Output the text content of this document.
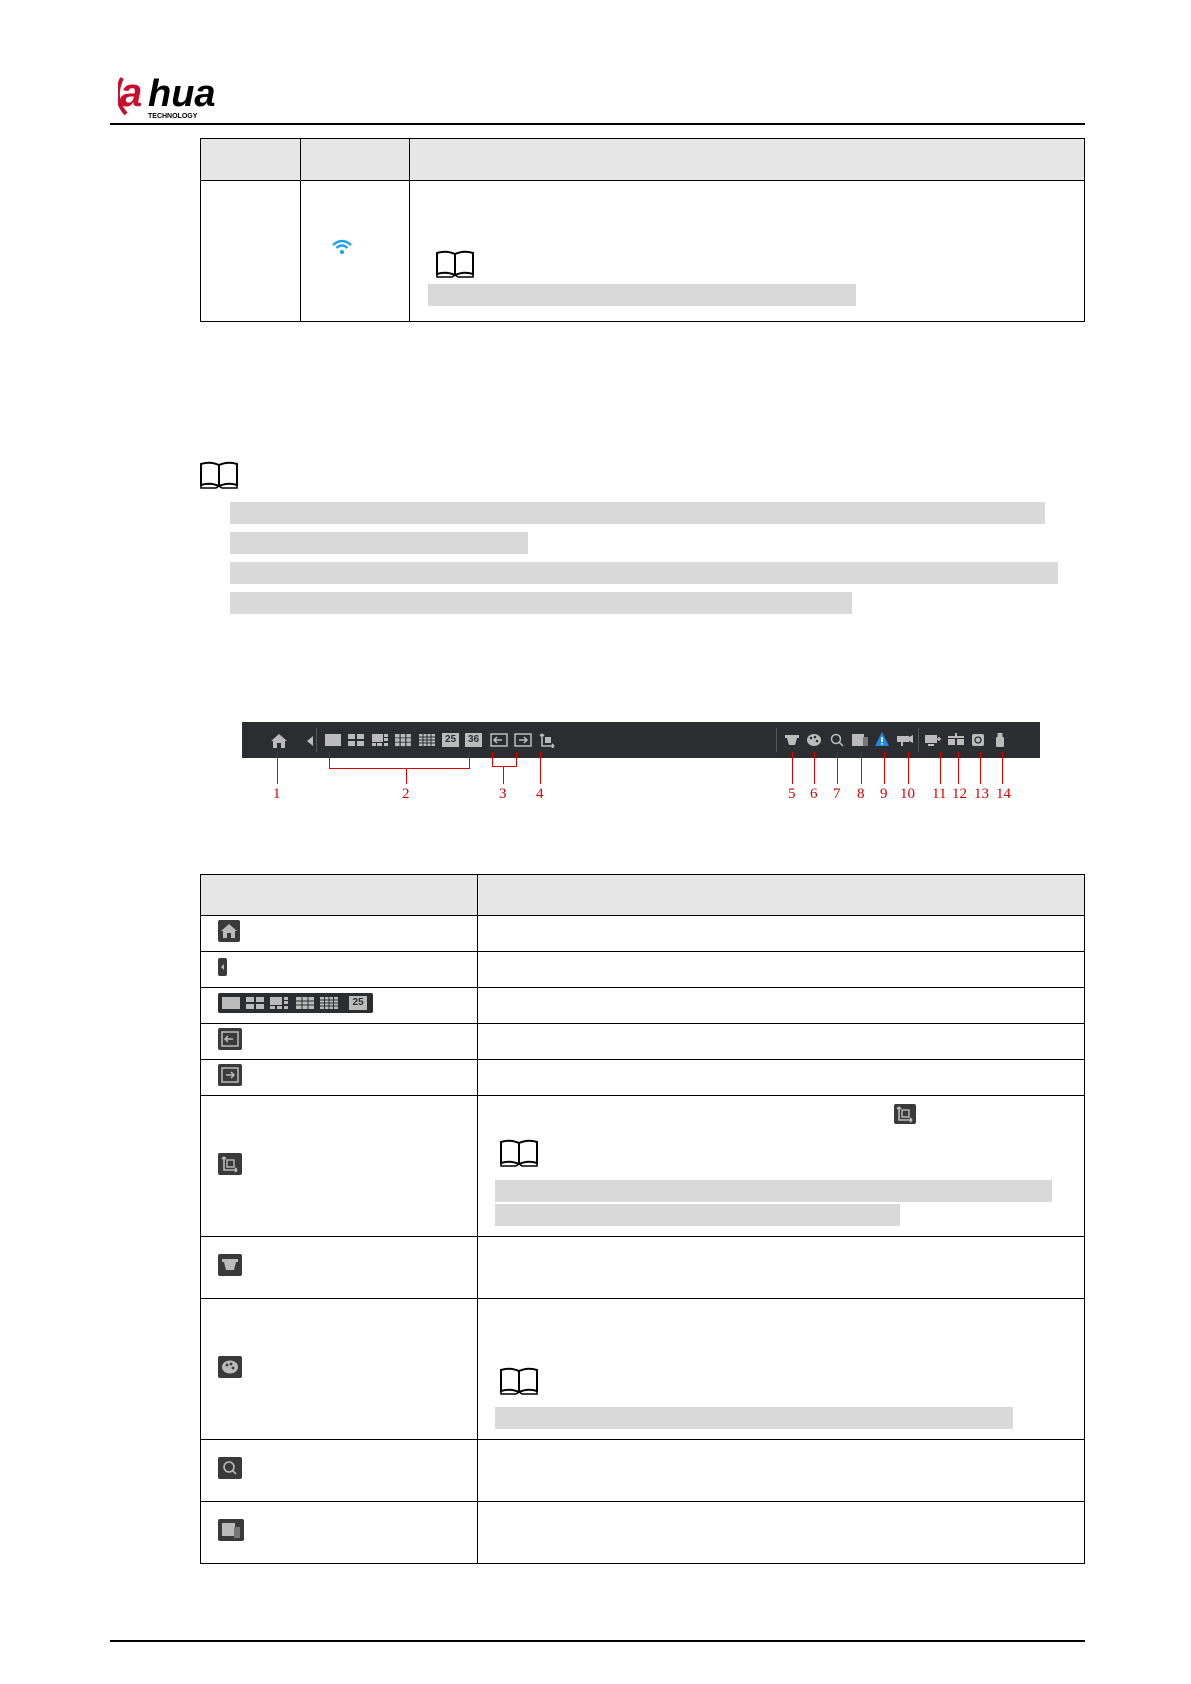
a hua
TECHNOLOGY

25 36
1	2	3 4	5 6 7 8 9 10 11 12 13 14

25	
